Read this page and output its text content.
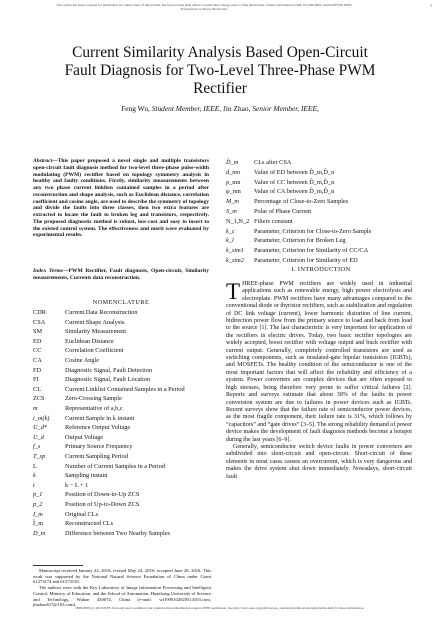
This article has been accepted for publication in a future issue of this journal, but has not been fully edited. Content may change prior to final publication. Citation information: DOI 10.1109/TPEL.2016.2587339, IEEE
Transactions on Power Electronics
1
Current Similarity Analysis Based Open-Circuit
Fault Diagnosis for Two-Level Three-Phase PWM
Rectifier
Feng Wu, Student Member, IEEE, Jin Zhao, Senior Member, IEEE,
Abstract—This paper proposed a novel single and multiple transistors open-circuit fault diagnosis method for two-level three-phase pulse-width modulating (PWM) rectifier based on topology symmetry analysis in healthy and faulty conditions. Firstly, similarity measurements between any two phase current linklists contained samples in a period after reconstruction and shape analysis, such as Euclidean distance, correlation coefficient and cosine angle, are used to describe the symmetry of topology and divide the faults into three classes, then two extra features are extracted to locate the fault to broken leg and transistors, respectively. The proposed diagnostic method is robust, low-cost and easy to insert to the existed control system. The effectiveness and merit were evaluated by experimental results.
Index Terms—PWM Rectifier, Fault diagnosis, Open-circuit, Similarity measurements, Currents data reconstruction.
NOMENCLATURE
CDR	Current Data Reconstruction
CSA	Current Shape Analysis
SM	Similarity Measurement
ED	Euclidean Distance
CC	Correlation Coefficient
CA	Cosine Angle
FD	Diagnostic Signal, Fault Detection
FI	Diagnostic Signal, Fault Location
CL	Current Linklist Contained Samples in a Period
ZCS	Zero-Crossing Sample
m	Representative of a,b,c
i_m(k)	Current Sample in k instant
U_d*	Reference Output Voltage
U_d	Output Voltage
f_s	Primary Source Frequency
T_sp	Current Sampling Period
L	Number of Current Samples in a Period
k	Sampling instant
t	k − L + 1
p_1	Position of Down-to-Up ZCS
p_2	Position of Up-to-Down ZCS
I_m	Original CLs
Î_m	Reconstructed CLs
D_m	Difference between Two Nearby Samples
D̂_m	CLs after CSA
d_mn	Value of ED between D̂_m,D̂_n
ρ_mn	Value of CC between D̂_m,D̂_n
φ_mn	Value of CA between D̂_m,D̂_n
M_m	Percentage of Close-to-Zero Samples
S_m	Polar of Phase Current
N_1,N_2 Filters constant
k_c	Parameter, Criterion for Close-to-Zero Sample
k_l	Parameter, Criterion for Broken Leg
k_sim1	Parameter, Criterion for Similarity of CC/CA
k_sim2	Parameter, Criterion for Similarity of ED

Manuscript received January 22, 2016; revised May 24, 2016; accepted June 28, 2016. This work was supported by the National Natural Science Foundation of China under Grant 61273174 and 61573159.

The authors were with the Key Laboratory of Image Information Processing and Intelligent Control, Ministry of Education, and the School of Automation, Huazhong University of Science and Technology, Wuhan 430074, China (e-mail: wf1990102020514163.com, jinzhao617@163.com).

I. INTRODUCTION

THREE-phase PWM rectifiers are widely used in industrial applications such as renewable energy, high power electrolysis and electroplate. PWM rectifiers have many advantages compared to the conventional diode or thyristor rectifiers, such as stabilization and regulation of DC link voltage (current), lower harmonic distortion of line current, bidirection power flow from the primary source to load and back from load to the source [1]. The last characteristic is very important for application of the rectifiers in electric drives. Today, two basic rectifier topologies are widely accepted, boost rectifier with voltage output and buck rectifier with current output. Generally, completely controlled transistors are used as switching components, such as insulated-gate bipolar transistors (IGBTs), and MOSFETs. The healthy condition of the semiconductor is one of the most important factors that will affect the reliability and efficiency of a system. Power converters are complex devices that are often exposed to high stresses, being therefore very prone to suffer critical failures [2]. Reports and surveys estimate that about 38% of the faults in power conversion system are due to failures in power devices such as IGBTs. Recent surveys show that the failure rate of semiconductor power devices, as the most fragile component, their failure rate is 31%, which follows by “capacitors” and “gate drives” [3–5]. The strong reliability demand of power device makes the development of fault diagnosis methods become a hotspot during the last years [6–9].

Generally, semiconductor switch device faults in power converters are subdivided into short-circuit and open-circuit. Short-circuit of these elements in most cases causes an overcurrent, which is very dangerous and makes the drive system shut down immediately. Nowadays, short-circuit fault

0885-8993 (c) 2016 IEEE. Personal use is permitted, but republication/redistribution requires IEEE permission. See http://www.ieee.org/publications_standards/publications/rights/index.html for more information.
